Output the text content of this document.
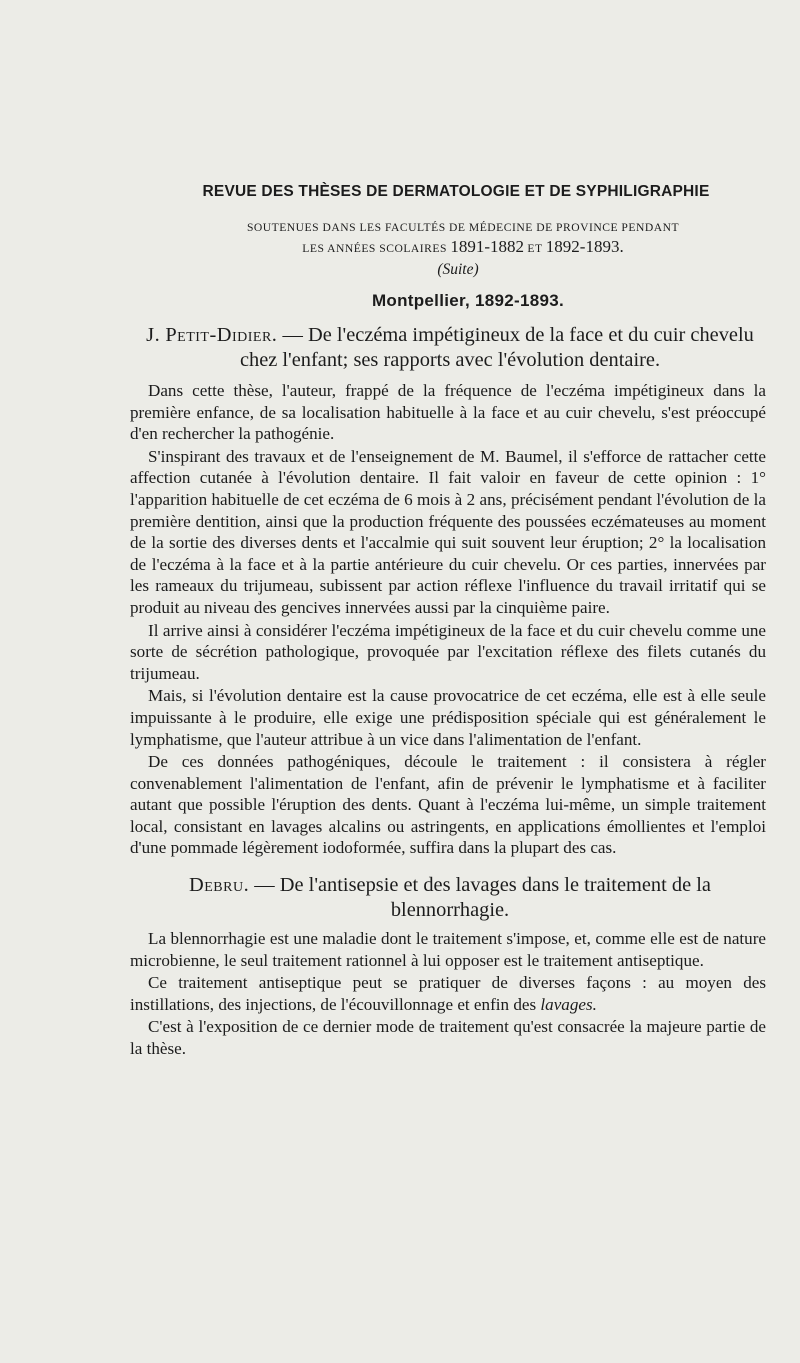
REVUE DES THÈSES DE DERMATOLOGIE ET DE SYPHILIGRAPHIE
SOUTENUES DANS LES FACULTÉS DE MÉDECINE DE PROVINCE PENDANT
LES ANNÉES SCOLAIRES 1891-1882 ET 1892-1893.
(Suite)
Montpellier, 1892-1893.
J. Petit-Didier. — De l'eczéma impétigineux de la face et du cuir chevelu chez l'enfant; ses rapports avec l'évolution dentaire.

Dans cette thèse, l'auteur, frappé de la fréquence de l'eczéma impétigineux dans la première enfance, de sa localisation habituelle à la face et au cuir chevelu, s'est préoccupé d'en rechercher la pathogénie.

S'inspirant des travaux et de l'enseignement de M. Baumel, il s'efforce de rattacher cette affection cutanée à l'évolution dentaire. Il fait valoir en faveur de cette opinion : 1° l'apparition habituelle de cet eczéma de 6 mois à 2 ans, précisément pendant l'évolution de la première dentition, ainsi que la production fréquente des poussées eczémateuses au moment de la sortie des diverses dents et l'accalmie qui suit souvent leur éruption; 2° la localisation de l'eczéma à la face et à la partie antérieure du cuir chevelu. Or ces parties, innervées par les rameaux du trijumeau, subissent par action réflexe l'influence du travail irritatif qui se produit au niveau des gencives innervées aussi par la cinquième paire.

Il arrive ainsi à considérer l'eczéma impétigineux de la face et du cuir chevelu comme une sorte de sécrétion pathologique, provoquée par l'excitation réflexe des filets cutanés du trijumeau.

Mais, si l'évolution dentaire est la cause provocatrice de cet eczéma, elle est à elle seule impuissante à le produire, elle exige une prédisposition spéciale qui est généralement le lymphatisme, que l'auteur attribue à un vice dans l'alimentation de l'enfant.

De ces données pathogéniques, découle le traitement : il consistera à régler convenablement l'alimentation de l'enfant, afin de prévenir le lymphatisme et à faciliter autant que possible l'éruption des dents. Quant à l'eczéma lui-même, un simple traitement local, consistant en lavages alcalins ou astringents, en applications émollientes et l'emploi d'une pommade légèrement iodoformée, suffira dans la plupart des cas.

Debru. — De l'antisepsie et des lavages dans le traitement de la blennorrhagie.

La blennorrhagie est une maladie dont le traitement s'impose, et, comme elle est de nature microbienne, le seul traitement rationnel à lui opposer est le traitement antiseptique.

Ce traitement antiseptique peut se pratiquer de diverses façons : au moyen des instillations, des injections, de l'écouvillonnage et enfin des lavages.

C'est à l'exposition de ce dernier mode de traitement qu'est consacrée la majeure partie de la thèse.
